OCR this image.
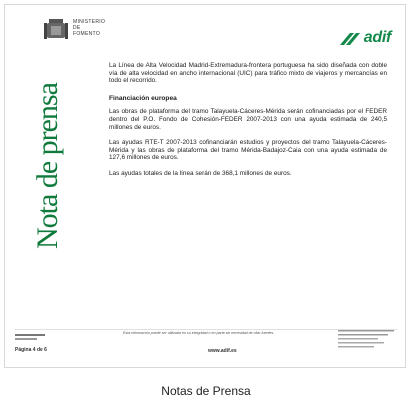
MINISTERIO
DE
FOMENTO	adif
Nota de prensa

La Línea de Alta Velocidad Madrid-Extremadura-frontera portuguesa ha sido diseñada con doble vía de alta velocidad en ancho internacional (UIC) para tráfico mixto de viajeros y mercancías en todo el recorrido.

Financiación europea

Las obras de plataforma del tramo Talayuela-Cáceres-Mérida serán cofinanciadas por el FEDER dentro del P.O. Fondo de Cohesión-FEDER 2007-2013 con una ayuda estimada de 240,5 millones de euros.

Las ayudas RTE-T 2007-2013 cofinanciarán estudios y proyectos del tramo Talayuela-Cáceres-Mérida y las obras de plataforma del tramo Mérida-Badajoz-Caia con una ayuda estimada de 127,6 millones de euros.

Las ayudas totales de la línea serán de 368,1 millones de euros.

Página 4 de 6
Esta información puede ser utilizada en su integridad o en parte sin necesidad de citar fuentes.
www.adif.es
Notas de Prensa
